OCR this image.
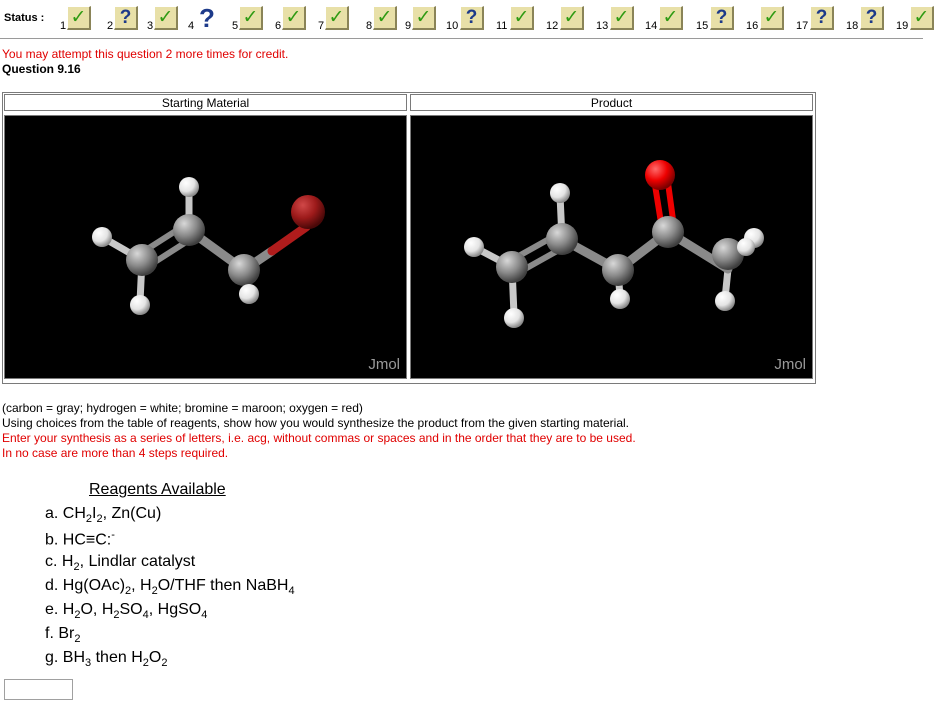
Status :
1 ✓	2 ?	3 ✓	4 ?	5 ✓	6 ✓	7 ✓	8 ✓	9 ✓	10 ?	11 ✓	12 ✓	13 ✓	14 ✓	15 ?	16 ✓	17 ?	18 ?	19 ✓
You may attempt this question 2 more times for credit.
Question 9.16
Starting Material
Jmol
Product
Jmol
(carbon = gray; hydrogen = white; bromine = maroon; oxygen = red)
Using choices from the table of reagents, show how you would synthesize the product from the given starting material.
Enter your synthesis as a series of letters, i.e. acg, without commas or spaces and in the order that they are to be used.
In no case are more than 4 steps required.
Reagents Available
a. $CH_2I_2$, Zn(Cu)
b. HC≡C:-
c. $H_2$, Lindlar catalyst
d. $Hg(OAc)_2$, $H_2O$/THF then NaBH$_4$
e. $H_2O$, $H_2SO_4$, HgSO$_4$
f. $Br_2$
g. $BH_3$ then $H_2O_2$
